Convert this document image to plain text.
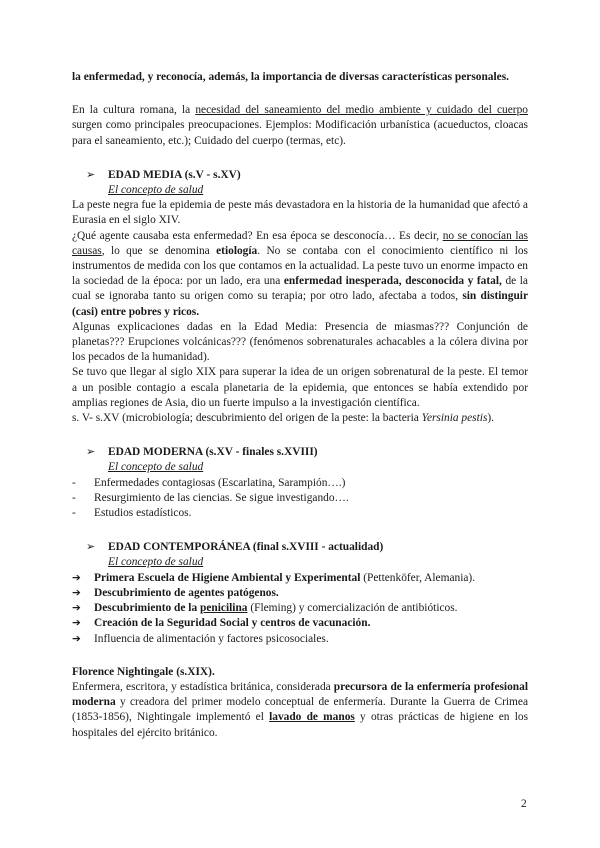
la enfermedad, y reconocía, además, la importancia de diversas características personales.

En la cultura romana, la necesidad del saneamiento del medio ambiente y cuidado del cuerpo surgen como principales preocupaciones. Ejemplos: Modificación urbanística (acueductos, cloacas para el saneamiento, etc.); Cuidado del cuerpo (termas, etc).

➢	EDAD MEDIA (s.V - s.XV)

El concepto de salud

La peste negra fue la epidemia de peste más devastadora en la historia de la humanidad que afectó a Eurasia en el siglo XIV.

¿Qué agente causaba esta enfermedad? En esa época se desconocía… Es decir, no se conocían las causas, lo que se denomina etiología. No se contaba con el conocimiento científico ni los instrumentos de medida con los que contamos en la actualidad. La peste tuvo un enorme impacto en la sociedad de la época: por un lado, era una enfermedad inesperada, desconocida y fatal, de la cual se ignoraba tanto su origen como su terapia; por otro lado, afectaba a todos, sin distinguir (casi) entre pobres y ricos.

Algunas explicaciones dadas en la Edad Media: Presencia de miasmas??? Conjunción de planetas??? Erupciones volcánicas??? (fenómenos sobrenaturales achacables a la cólera divina por los pecados de la humanidad).

Se tuvo que llegar al siglo XIX para superar la idea de un origen sobrenatural de la peste. El temor a un posible contagio a escala planetaria de la epidemia, que entonces se había extendido por amplias regiones de Asia, dio un fuerte impulso a la investigación científica.

s. V- s.XV (microbiología; descubrimiento del origen de la peste: la bacteria Yersinia pestis).

➢	EDAD MODERNA (s.XV - finales s.XVIII)

El concepto de salud

-	Enfermedades contagiosas (Escarlatina, Sarampión….)
-	Resurgimiento de las ciencias. Se sigue investigando….
-	Estudios estadísticos.
➢	EDAD CONTEMPORÁNEA (final s.XVIII - actualidad)

El concepto de salud

➔	Primera Escuela de Higiene Ambiental y Experimental (Pettenköfer, Alemania).
➔	Descubrimiento de agentes patógenos.
➔	Descubrimiento de la penicilina (Fleming) y comercialización de antibióticos.
➔	Creación de la Seguridad Social y centros de vacunación.
➔	Influencia de alimentación y factores psicosociales.

Florence Nightingale (s.XIX).

Enfermera, escritora, y estadística británica, considerada precursora de la enfermería profesional moderna y creadora del primer modelo conceptual de enfermería. Durante la Guerra de Crimea (1853-1856), Nightingale implementó el lavado de manos y otras prácticas de higiene en los hospitales del ejército británico.

2
